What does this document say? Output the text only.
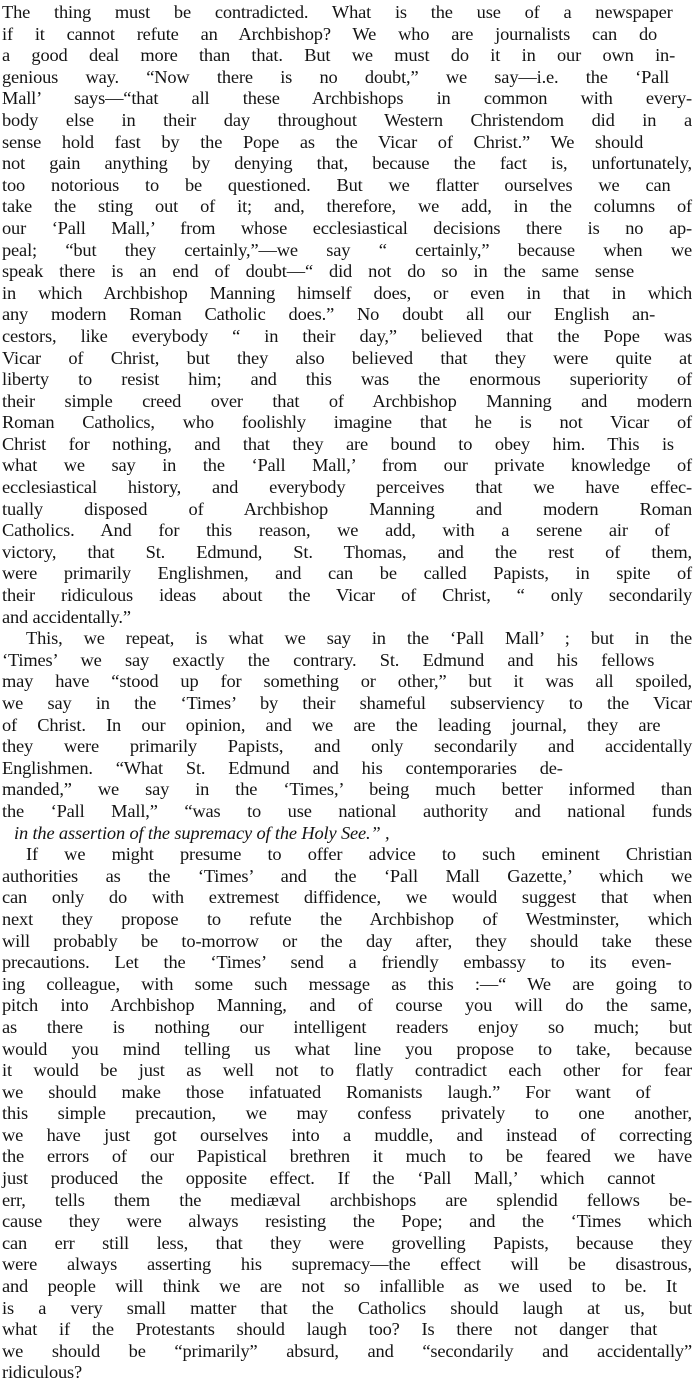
The thing must be contradicted. What is the use of a newspaper
if it cannot refute an Archbishop? We who are journalists can do
a good deal more than that. But we must do it in our own in-
genious way. “Now there is no doubt,” we say—i.e. the ‘Pall
Mall’ says—“that all these Archbishops in common with every-
body else in their day throughout Western Christendom did in a
sense hold fast by the Pope as the Vicar of Christ.” We should
not gain anything by denying that, because the fact is, unfortunately,
too notorious to be questioned. But we flatter ourselves we can
take the sting out of it; and, therefore, we add, in the columns of
our ‘Pall Mall,’ from whose ecclesiastical decisions there is no ap-
peal; “but they certainly,”—we say “ certainly,” because when we
speak there is an end of doubt—“ did not do so in the same sense
in which Archbishop Manning himself does, or even in that in which
any modern Roman Catholic does.” No doubt all our English an-
cestors, like everybody “ in their day,” believed that the Pope was
Vicar of Christ, but they also believed that they were quite at
liberty to resist him; and this was the enormous superiority of
their simple creed over that of Archbishop Manning and modern
Roman Catholics, who foolishly imagine that he is not Vicar of
Christ for nothing, and that they are bound to obey him. This is
what we say in the ‘Pall Mall,’ from our private knowledge of
ecclesiastical history, and everybody perceives that we have effec-
tually disposed of Archbishop Manning and modern Roman
Catholics. And for this reason, we add, with a serene air of
victory, that St. Edmund, St. Thomas, and the rest of them,
were primarily Englishmen, and can be called Papists, in spite of
their ridiculous ideas about the Vicar of Christ, “ only secondarily
and accidentally.”
This, we repeat, is what we say in the ‘Pall Mall’ ; but in the
‘Times’ we say exactly the contrary. St. Edmund and his fellows
may have “stood up for something or other,” but it was all spoiled,
we say in the ‘Times’ by their shameful subserviency to the Vicar
of Christ. In our opinion, and we are the leading journal, they are
they were primarily Papists, and only secondarily and accidentally
Englishmen. “What St. Edmund and his contemporaries de-
manded,” we say in the ‘Times,’ being much better informed than
the ‘Pall Mall,” “was to use national authority and national funds
in the assertion of the supremacy of the Holy See.” ,
If we might presume to offer advice to such eminent Christian
authorities as the ‘Times’ and the ‘Pall Mall Gazette,’ which we
can only do with extremest diffidence, we would suggest that when
next they propose to refute the Archbishop of Westminster, which
will probably be to-morrow or the day after, they should take these
precautions. Let the ‘Times’ send a friendly embassy to its even-
ing colleague, with some such message as this :—“ We are going to
pitch into Archbishop Manning, and of course you will do the same,
as there is nothing our intelligent readers enjoy so much; but
would you mind telling us what line you propose to take, because
it would be just as well not to flatly contradict each other for fear
we should make those infatuated Romanists laugh.” For want of
this simple precaution, we may confess privately to one another,
we have just got ourselves into a muddle, and instead of correcting
the errors of our Papistical brethren it much to be feared we have
just produced the opposite effect. If the ‘Pall Mall,’ which cannot
err, tells them the mediæval archbishops are splendid fellows be-
cause they were always resisting the Pope; and the ‘Times which
can err still less, that they were grovelling Papists, because they
were always asserting his supremacy—the effect will be disastrous,
and people will think we are not so infallible as we used to be. It
is a very small matter that the Catholics should laugh at us, but
what if the Protestants should laugh too? Is there not danger that
we should be “primarily” absurd, and “secondarily and accidentally”
ridiculous?
